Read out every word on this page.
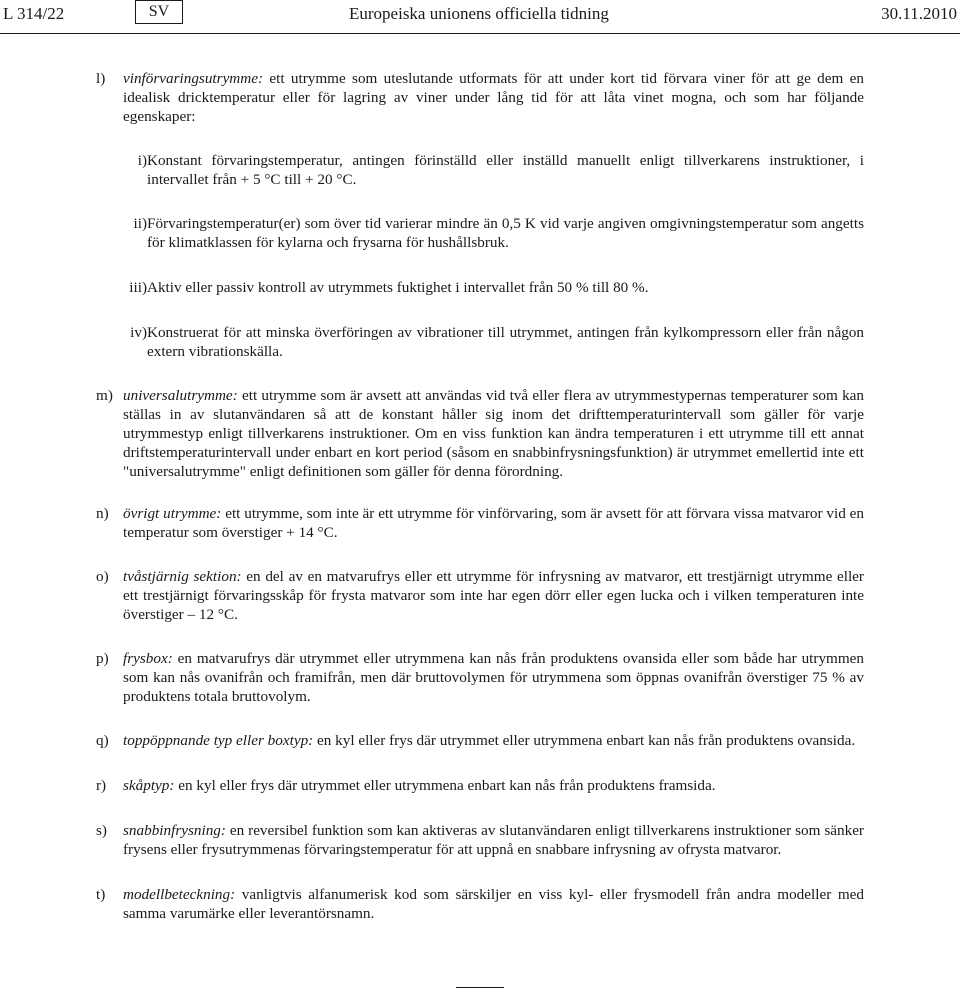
L 314/22	SV	Europeiska unionens officiella tidning	30.11.2010
l) vinförvaringsutrymme: ett utrymme som uteslutande utformats för att under kort tid förvara viner för att ge dem en idealisk dricktemperatur eller för lagring av viner under lång tid för att låta vinet mogna, och som har följande egenskaper:
i) Konstant förvaringstemperatur, antingen förinställd eller inställd manuellt enligt tillverkarens instruktioner, i intervallet från + 5 °C till + 20 °C.
ii) Förvaringstemperatur(er) som över tid varierar mindre än 0,5 K vid varje angiven omgivningstemperatur som angetts för klimatklassen för kylarna och frysarna för hushållsbruk.
iii) Aktiv eller passiv kontroll av utrymmets fuktighet i intervallet från 50 % till 80 %.
iv) Konstruerat för att minska överföringen av vibrationer till utrymmet, antingen från kylkompressorn eller från någon extern vibrationskälla.
m) universalutrymme: ett utrymme som är avsett att användas vid två eller flera av utrymmestypernas temperaturer som kan ställas in av slutanvändaren så att de konstant håller sig inom det drifttemperaturintervall som gäller för varje utrymmestyp enligt tillverkarens instruktioner. Om en viss funktion kan ändra temperaturen i ett utrymme till ett annat driftstemperaturintervall under enbart en kort period (såsom en snabbinfrysningsfunktion) är utrymmet emellertid inte ett "universalutrymme" enligt definitionen som gäller för denna förordning.
n) övrigt utrymme: ett utrymme, som inte är ett utrymme för vinförvaring, som är avsett för att förvara vissa matvaror vid en temperatur som överstiger + 14 °C.
o) tvåstjärnig sektion: en del av en matvarufrys eller ett utrymme för infrysning av matvaror, ett trestjärnigt utrymme eller ett trestjärnigt förvaringsskåp för frysta matvaror som inte har egen dörr eller egen lucka och i vilken temperaturen inte överstiger – 12 °C.
p) frysbox: en matvarufrys där utrymmet eller utrymmena kan nås från produktens ovansida eller som både har utrymmen som kan nås ovanifrån och framifrån, men där bruttovolymen för utrymmena som öppnas ovanifrån överstiger 75 % av produktens totala bruttovolym.
q) toppöppnande typ eller boxtyp: en kyl eller frys där utrymmet eller utrymmena enbart kan nås från produktens ovansida.
r) skåptyp: en kyl eller frys där utrymmet eller utrymmena enbart kan nås från produktens framsida.
s) snabbinfrysning: en reversibel funktion som kan aktiveras av slutanvändaren enligt tillverkarens instruktioner som sänker frysens eller frysutrymmenas förvaringstemperatur för att uppnå en snabbare infrysning av ofrysta matvaror.
t) modellbeteckning: vanligtvis alfanumerisk kod som särskiljer en viss kyl- eller frysmodell från andra modeller med samma varumärke eller leverantörsnamn.
